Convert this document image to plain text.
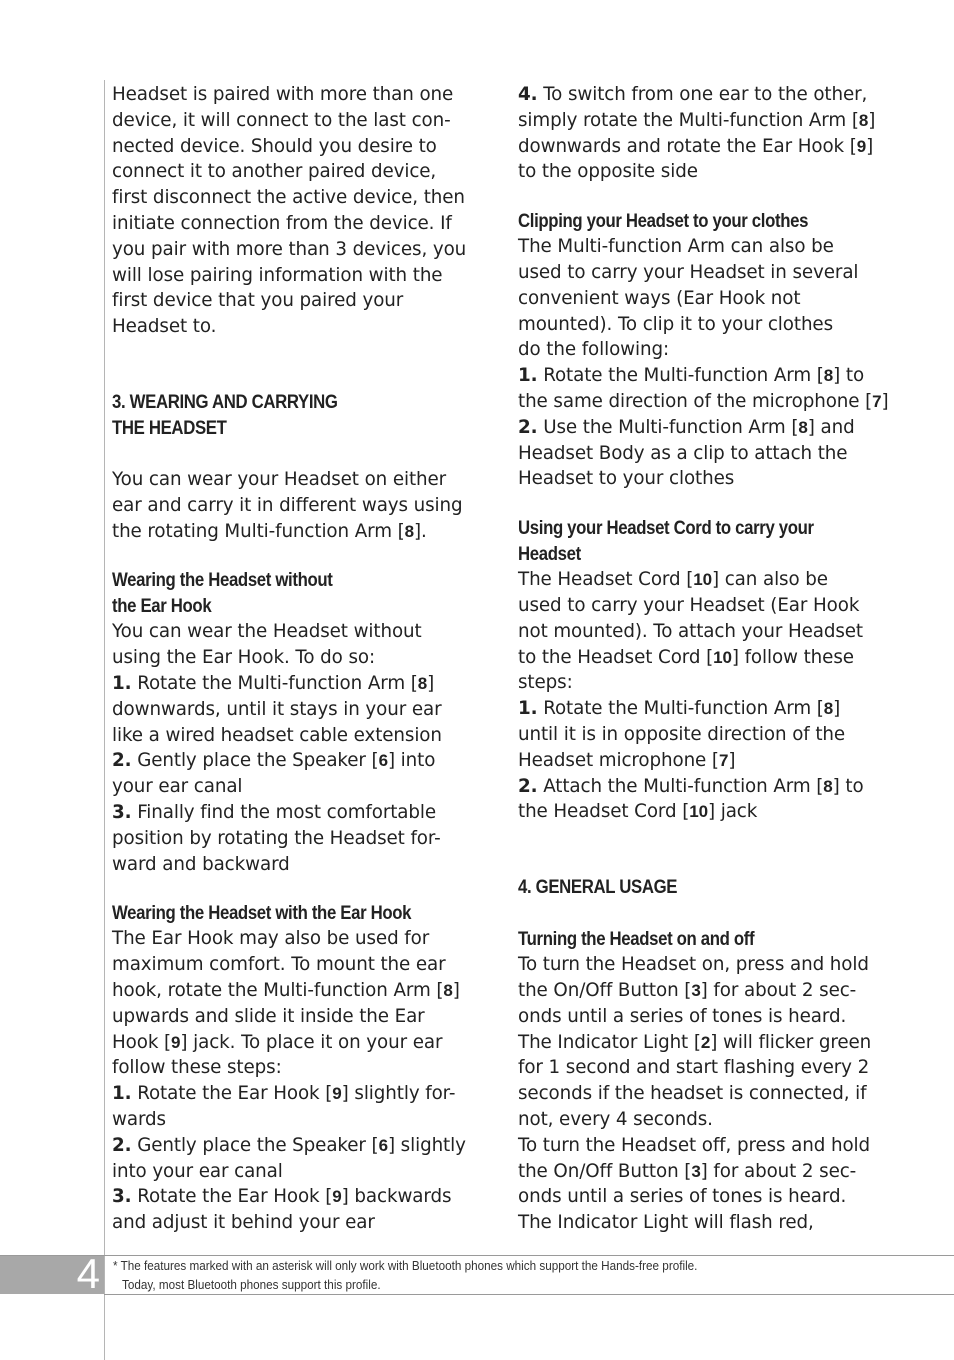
Headset is paired with more than one

device, it will connect to the last con-

nected device. Should you desire to

connect it to another paired device,

first disconnect the active device, then

initiate connection from the device. If

you pair with more than 3 devices, you

will lose pairing information with the

first device that you paired your

Headset to.

3. WEARING AND CARRYING

THE HEADSET

You can wear your Headset on either

ear and carry it in different ways using

the rotating Multi-function Arm [8].

Wearing the Headset without

the Ear Hook

You can wear the Headset without

using the Ear Hook. To do so:

1. Rotate the Multi-function Arm [8]

downwards, until it stays in your ear

like a wired headset cable extension

2. Gently place the Speaker [6] into

your ear canal

3. Finally find the most comfortable

position by rotating the Headset for-

ward and backward

Wearing the Headset with the Ear Hook

The Ear Hook may also be used for

maximum comfort. To mount the ear

hook, rotate the Multi-function Arm [8]

upwards and slide it inside the Ear

Hook [9] jack. To place it on your ear

follow these steps:

1. Rotate the Ear Hook [9] slightly for-

wards

2. Gently place the Speaker [6] slightly

into your ear canal

3. Rotate the Ear Hook [9] backwards

and adjust it behind your ear

4. To switch from one ear to the other,

simply rotate the Multi-function Arm [8]

downwards and rotate the Ear Hook [9]

to the opposite side

Clipping your Headset to your clothes

The Multi-function Arm can also be

used to carry your Headset in several

convenient ways (Ear Hook not

mounted). To clip it to your clothes

do the following:

1. Rotate the Multi-function Arm [8] to

the same direction of the microphone [7]

2. Use the Multi-function Arm [8] and

Headset Body as a clip to attach the

Headset to your clothes

Using your Headset Cord to carry your

Headset

The Headset Cord [10] can also be

used to carry your Headset (Ear Hook

not mounted). To attach your Headset

to the Headset Cord [10] follow these

steps:

1. Rotate the Multi-function Arm [8]

until it is in opposite direction of the

Headset microphone [7]

2. Attach the Multi-function Arm [8] to

the Headset Cord [10] jack

4. GENERAL USAGE

Turning the Headset on and off

To turn the Headset on, press and hold

the On/Off Button [3] for about 2 sec-

onds until a series of tones is heard.

The Indicator Light [2] will flicker green

for 1 second and start flashing every 2

seconds if the headset is connected, if

not, every 4 seconds.

To turn the Headset off, press and hold

the On/Off Button [3] for about 2 sec-

onds until a series of tones is heard.

The Indicator Light will flash red,

4 * The features marked with an asterisk will only work with Bluetooth phones which support the Hands-free profile.

Today, most Bluetooth phones support this profile.
